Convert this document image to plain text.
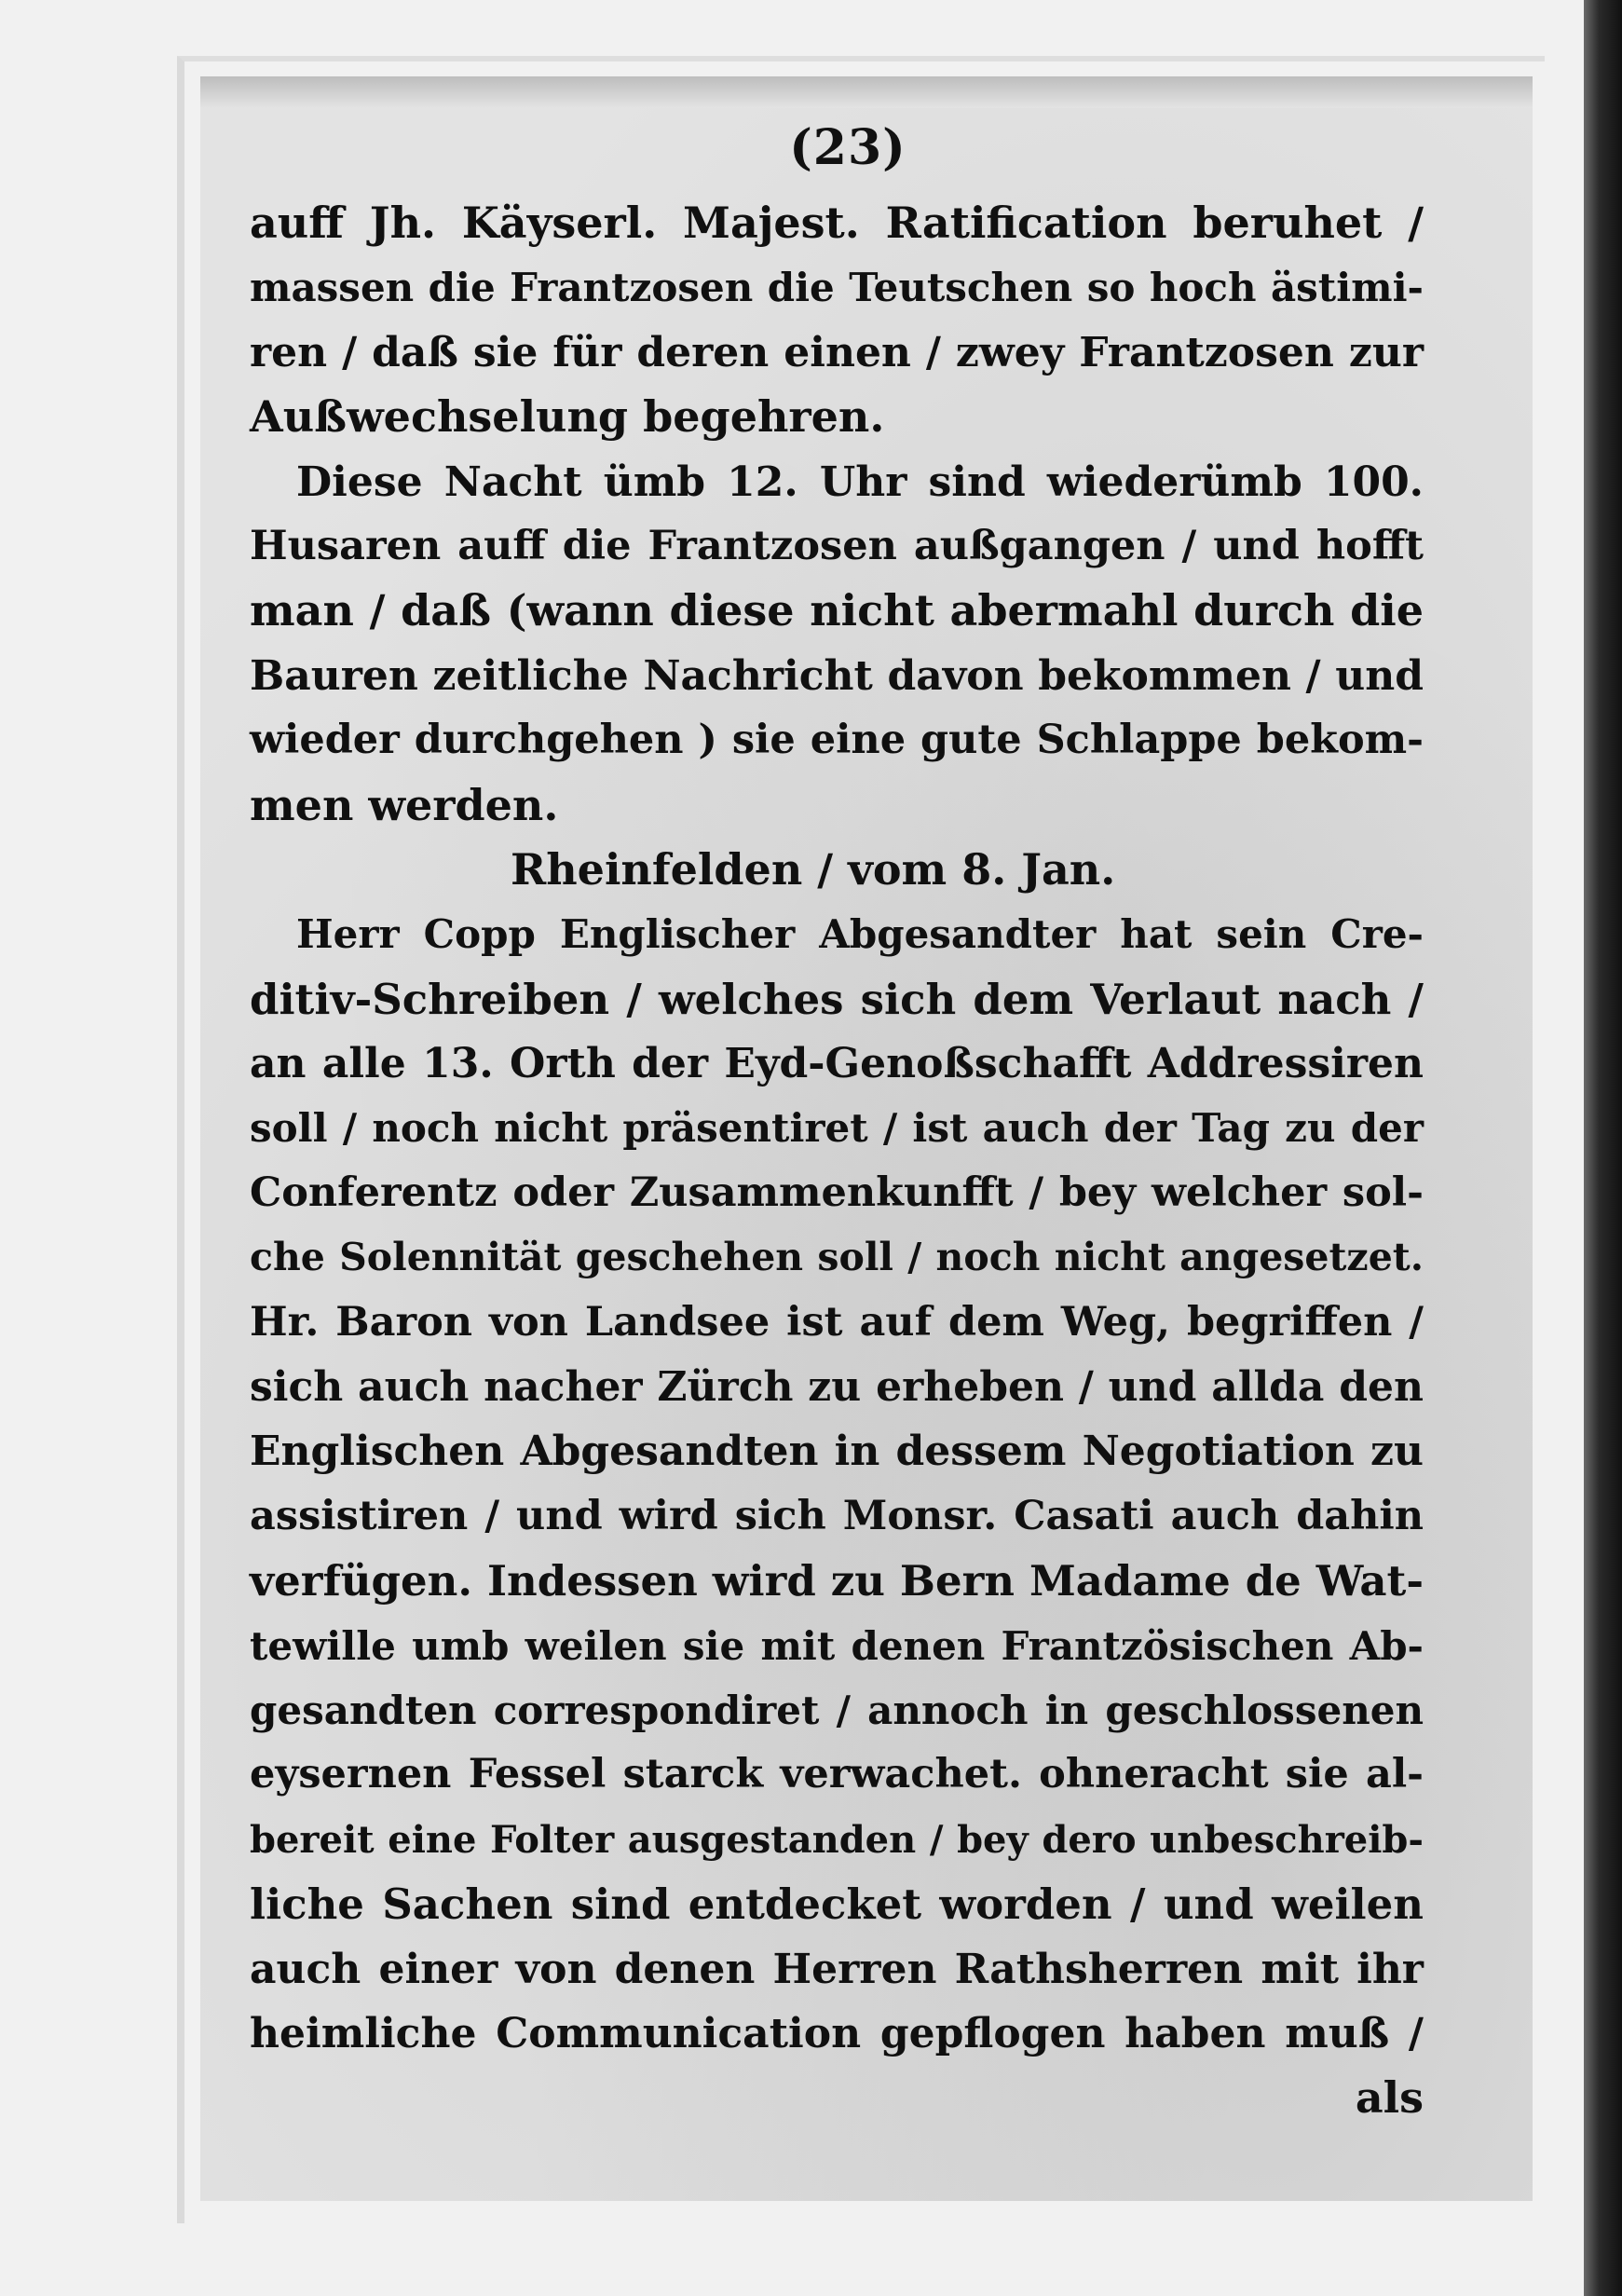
(23)
auff Jh. Käyserl. Majest. Ratification beruhet /
massen die Frantzosen die Teutschen so hoch ästimi-
ren / daß sie für deren einen / zwey Frantzosen zur
Außwechselung begehren.
Diese Nacht ümb 12. Uhr sind wiederümb 100.
Husaren auff die Frantzosen außgangen / und hofft
man / daß (wann diese nicht abermahl durch die
Bauren zeitliche Nachricht davon bekommen / und
wieder durchgehen ) sie eine gute Schlappe bekom-
men werden.
Rheinfelden / vom 8. Jan.
Herr Copp Englischer Abgesandter hat sein Cre-
ditiv-Schreiben / welches sich dem Verlaut nach /
an alle 13. Orth der Eyd-Genoßschafft Addressiren
soll / noch nicht präsentiret / ist auch der Tag zu der
Conferentz oder Zusammenkunfft / bey welcher sol-
che Solennität geschehen soll / noch nicht angesetzet.
Hr. Baron von Landsee ist auf dem Weg, begriffen /
sich auch nacher Zürch zu erheben / und allda den
Englischen Abgesandten in dessem Negotiation zu
assistiren / und wird sich Monsr. Casati auch dahin
verfügen. Indessen wird zu Bern Madame de Wat-
tewille umb weilen sie mit denen Frantzösischen Ab-
gesandten correspondiret / annoch in geschlossenen
eysernen Fessel starck verwachet. ohneracht sie al-
bereit eine Folter ausgestanden / bey dero unbeschreib-
liche Sachen sind entdecket worden / und weilen
auch einer von denen Herren Rathsherren mit ihr
heimliche Communication gepflogen haben muß /
als
